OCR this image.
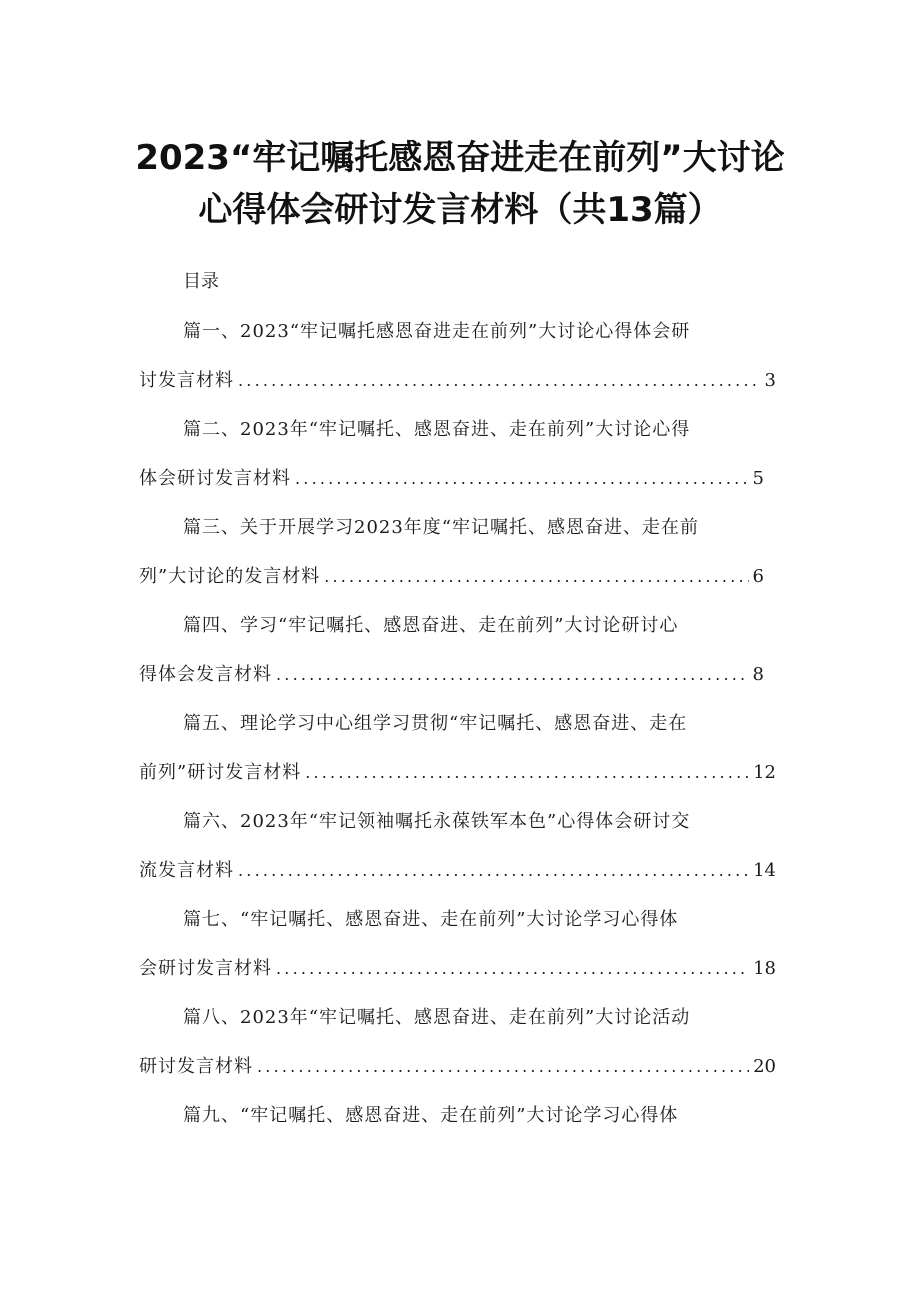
2023“牢记嘱托感恩奋进走在前列”大讨论
心得体会研讨发言材料（共13篇）

目录

篇一、2023“牢记嘱托感恩奋进走在前列”大讨论心得体会研
讨发言材料 .....	3
篇二、2023年“牢记嘱托、感恩奋进、走在前列”大讨论心得
体会研讨发言材料 .....	5
篇三、关于开展学习2023年度“牢记嘱托、感恩奋进、走在前
列”大讨论的发言材料 .....	6
篇四、学习“牢记嘱托、感恩奋进、走在前列”大讨论研讨心
得体会发言材料 .....	8
篇五、理论学习中心组学习贯彻“牢记嘱托、感恩奋进、走在
前列”研讨发言材料 .....	12
篇六、2023年“牢记领袖嘱托永葆铁军本色”心得体会研讨交
流发言材料 .....	14
篇七、“牢记嘱托、感恩奋进、走在前列”大讨论学习心得体
会研讨发言材料 .....	18
篇八、2023年“牢记嘱托、感恩奋进、走在前列”大讨论活动
研讨发言材料 .....	20
篇九、“牢记嘱托、感恩奋进、走在前列”大讨论学习心得体
